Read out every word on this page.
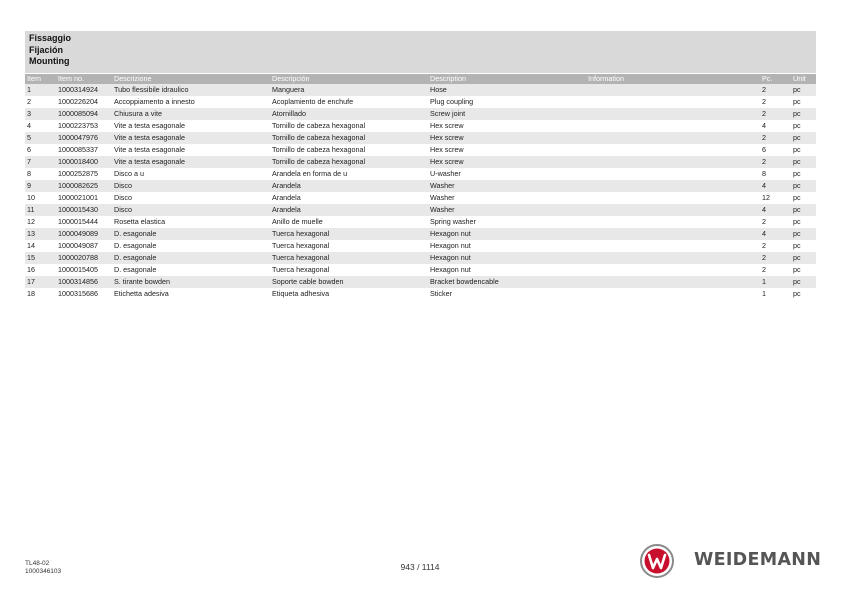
Fissaggio
Fijación
Mounting
Item	Item no.	Descrizione	Descripción	Description	Information	Pc.	Unit
1	1000314924	Tubo flessibile idraulico	Manguera	Hose		2	pc
2	1000226204	Accoppiamento a innesto	Acoplamiento de enchufe	Plug coupling		2	pc
3	1000085094	Chiusura a vite	Atornillado	Screw joint		2	pc
4	1000223753	Vite a testa esagonale	Tornillo de cabeza hexagonal	Hex screw		4	pc
5	1000047976	Vite a testa esagonale	Tornillo de cabeza hexagonal	Hex screw		2	pc
6	1000085337	Vite a testa esagonale	Tornillo de cabeza hexagonal	Hex screw		6	pc
7	1000018400	Vite a testa esagonale	Tornillo de cabeza hexagonal	Hex screw		2	pc
8	1000252875	Disco a u	Arandela en forma de u	U-washer		8	pc
9	1000082625	Disco	Arandela	Washer		4	pc
10	1000021001	Disco	Arandela	Washer		12	pc
11	1000015430	Disco	Arandela	Washer		4	pc
12	1000015444	Rosetta elastica	Anillo de muelle	Spring washer		2	pc
13	1000049089	D. esagonale	Tuerca hexagonal	Hexagon nut		4	pc
14	1000049087	D. esagonale	Tuerca hexagonal	Hexagon nut		2	pc
15	1000020788	D. esagonale	Tuerca hexagonal	Hexagon nut		2	pc
16	1000015405	D. esagonale	Tuerca hexagonal	Hexagon nut		2	pc
17	1000314856	S. tirante bowden	Soporte cable bowden	Bracket bowdencable		1	pc
18	1000315686	Etichetta adesiva	Etiqueta adhesiva	Sticker		1	pc
TL48-02
1000346103	943 / 1114	WEIDEMANN
